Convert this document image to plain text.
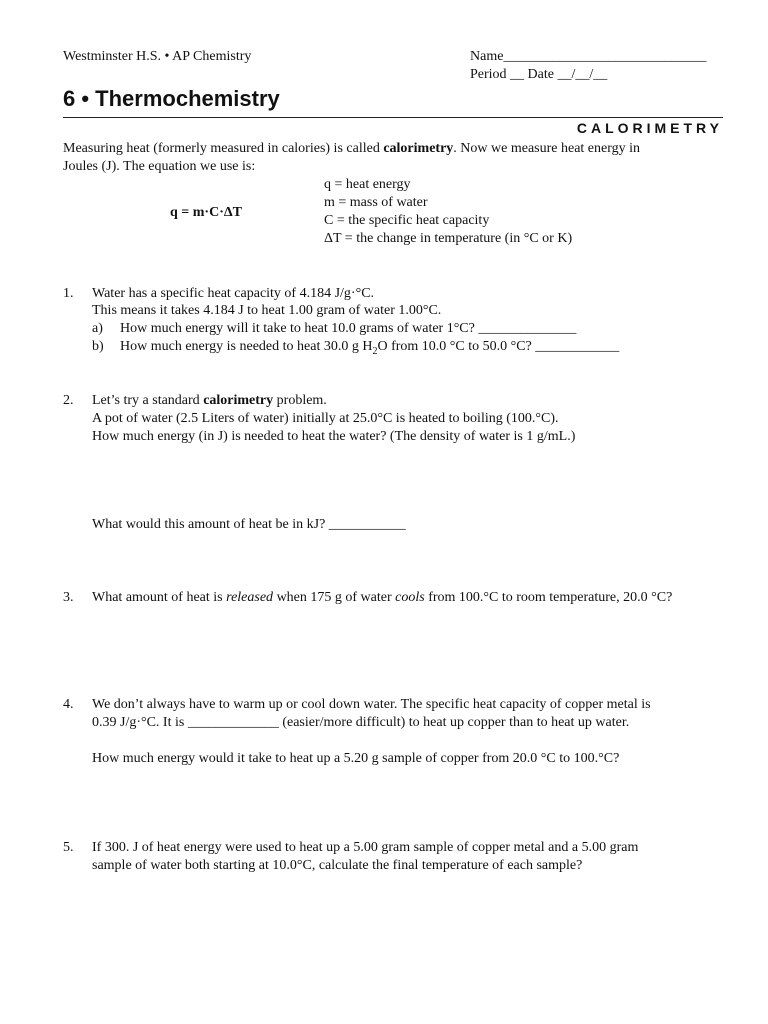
Westminster H.S. • AP Chemistry	Name_____________________________
Period __ Date __/__/__
6 • Thermochemistry
CALORIMETRY
Measuring heat (formerly measured in calories) is called calorimetry. Now we measure heat energy in
Joules (J). The equation we use is:
q = m·C·ΔT
q = heat energy
m = mass of water
C = the specific heat capacity
ΔT = the change in temperature (in °C or K)
1. Water has a specific heat capacity of 4.184 J/g·°C.
This means it takes 4.184 J to heat 1.00 gram of water 1.00°C.
a) How much energy will it take to heat 10.0 grams of water 1°C? ______________
b) How much energy is needed to heat 30.0 g $H_2O$ from 10.0 °C to 50.0 °C? ____________
2. Let’s try a standard calorimetry problem.
A pot of water (2.5 Liters of water) initially at 25.0°C is heated to boiling (100.°C).
How much energy (in J) is needed to heat the water? (The density of water is 1 g/mL.)
What would this amount of heat be in kJ? ___________
3. What amount of heat is released when 175 g of water cools from 100.°C to room temperature, 20.0 °C?
4. We don’t always have to warm up or cool down water. The specific heat capacity of copper metal is
0.39 J/g·°C. It is _____________ (easier/more difficult) to heat up copper than to heat up water.
How much energy would it take to heat up a 5.20 g sample of copper from 20.0 °C to 100.°C?
5. If 300. J of heat energy were used to heat up a 5.00 gram sample of copper metal and a 5.00 gram
sample of water both starting at 10.0°C, calculate the final temperature of each sample?
